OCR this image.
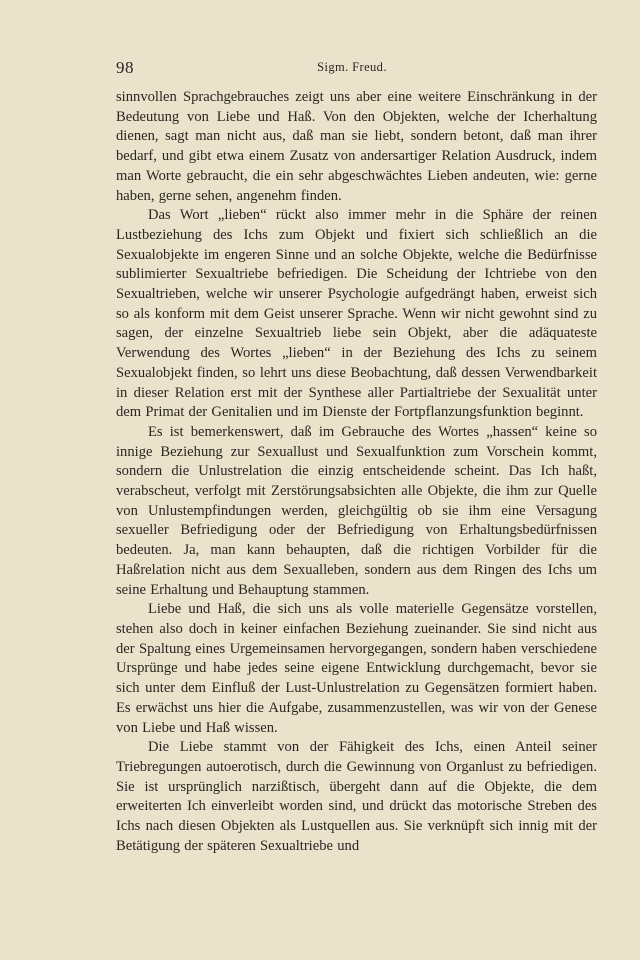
98	Sigm. Freud.

sinnvollen Sprachgebrauches zeigt uns aber eine weitere Einschränkung in der Bedeutung von Liebe und Haß. Von den Objekten, welche der Icherhaltung dienen, sagt man nicht aus, daß man sie liebt, sondern betont, daß man ihrer bedarf, und gibt etwa einem Zusatz von andersartiger Relation Ausdruck, indem man Worte gebraucht, die ein sehr abgeschwächtes Lieben andeuten, wie: gerne haben, gerne sehen, angenehm finden.

Das Wort „lieben“ rückt also immer mehr in die Sphäre der reinen Lustbeziehung des Ichs zum Objekt und fixiert sich schließlich an die Sexualobjekte im engeren Sinne und an solche Objekte, welche die Bedürfnisse sublimierter Sexualtriebe befriedigen. Die Scheidung der Ichtriebe von den Sexualtrieben, welche wir unserer Psychologie aufgedrängt haben, erweist sich so als konform mit dem Geist unserer Sprache. Wenn wir nicht gewohnt sind zu sagen, der einzelne Sexualtrieb liebe sein Objekt, aber die adäquateste Verwendung des Wortes „lieben“ in der Beziehung des Ichs zu seinem Sexualobjekt finden, so lehrt uns diese Beobachtung, daß dessen Verwendbarkeit in dieser Relation erst mit der Synthese aller Partialtriebe der Sexualität unter dem Primat der Genitalien und im Dienste der Fortpflanzungsfunktion beginnt.

Es ist bemerkenswert, daß im Gebrauche des Wortes „hassen“ keine so innige Beziehung zur Sexuallust und Sexualfunktion zum Vorschein kommt, sondern die Unlustrelation die einzig entscheidende scheint. Das Ich haßt, verabscheut, verfolgt mit Zerstörungsabsichten alle Objekte, die ihm zur Quelle von Unlustempfindungen werden, gleichgültig ob sie ihm eine Versagung sexueller Befriedigung oder der Befriedigung von Erhaltungsbedürfnissen bedeuten. Ja, man kann behaupten, daß die richtigen Vorbilder für die Haßrelation nicht aus dem Sexualleben, sondern aus dem Ringen des Ichs um seine Erhaltung und Behauptung stammen.

Liebe und Haß, die sich uns als volle materielle Gegensätze vorstellen, stehen also doch in keiner einfachen Beziehung zueinander. Sie sind nicht aus der Spaltung eines Urgemeinsamen hervorgegangen, sondern haben verschiedene Ursprünge und habe jedes seine eigene Entwicklung durchgemacht, bevor sie sich unter dem Einfluß der Lust-Unlustrelation zu Gegensätzen formiert haben. Es erwächst uns hier die Aufgabe, zusammenzustellen, was wir von der Genese von Liebe und Haß wissen.

Die Liebe stammt von der Fähigkeit des Ichs, einen Anteil seiner Triebregungen autoerotisch, durch die Gewinnung von Organlust zu befriedigen. Sie ist ursprünglich narzißtisch, übergeht dann auf die Objekte, die dem erweiterten Ich einverleibt worden sind, und drückt das motorische Streben des Ichs nach diesen Objekten als Lustquellen aus. Sie verknüpft sich innig mit der Betätigung der späteren Sexualtriebe und
